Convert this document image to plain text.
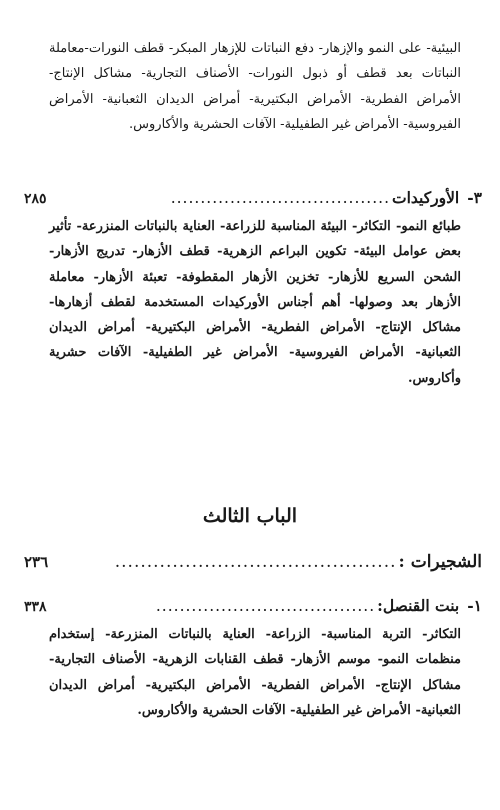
البيئية- على النمو والإزهار- دفع النباتات للإزهار المبكر- قطف النورات-معاملة النباتات بعد قطف أو ذبول النورات- الأصناف التجارية- مشاكل الإنتاج- الأمراض الفطرية- الأمراض البكتيرية- أمراض الديدان الثعبانية- الأمراض الفيروسية- الأمراض غير الطفيلية- الآفات الحشرية والأكاروس.
٣-
الأوركيدات
.....................................
٢٨٥
طبائع النمو- التكاثر- البيئة المناسبة للزراعة- العناية بالنباتات المنزرعة- تأثير بعض عوامل البيئة- تكوين البراعم الزهرية- قطف الأزهار- تدريج الأزهار- الشحن السريع للأزهار- تخزين الأزهار المقطوفة- تعبئة الأزهار- معاملة الأزهار بعد وصولها- أهم أجناس الأوركيدات المستخدمة لقطف أزهارها- مشاكل الإنتاج- الأمراض الفطرية- الأمراض البكتيرية- أمراض الديدان الثعبانية- الأمراض الفيروسية- الأمراض غير الطفيلية- الآفات حشرية وأكاروس.
الباب الثالث
الشجيرات :
............................................
٢٣٦
١-
بنت القنصل:
.....................................
٣٣٨
التكاثر- التربة المناسبة- الزراعة- العناية بالنباتات المنزرعة- إستخدام منظمات النمو- موسم الأزهار- قطف القنابات الزهرية- الأصناف التجارية- مشاكل الإنتاج- الأمراض الفطرية- الأمراض البكتيرية- أمراض الديدان الثعبانية- الأمراض غير الطفيلية- الآفات الحشرية والأكاروس.
